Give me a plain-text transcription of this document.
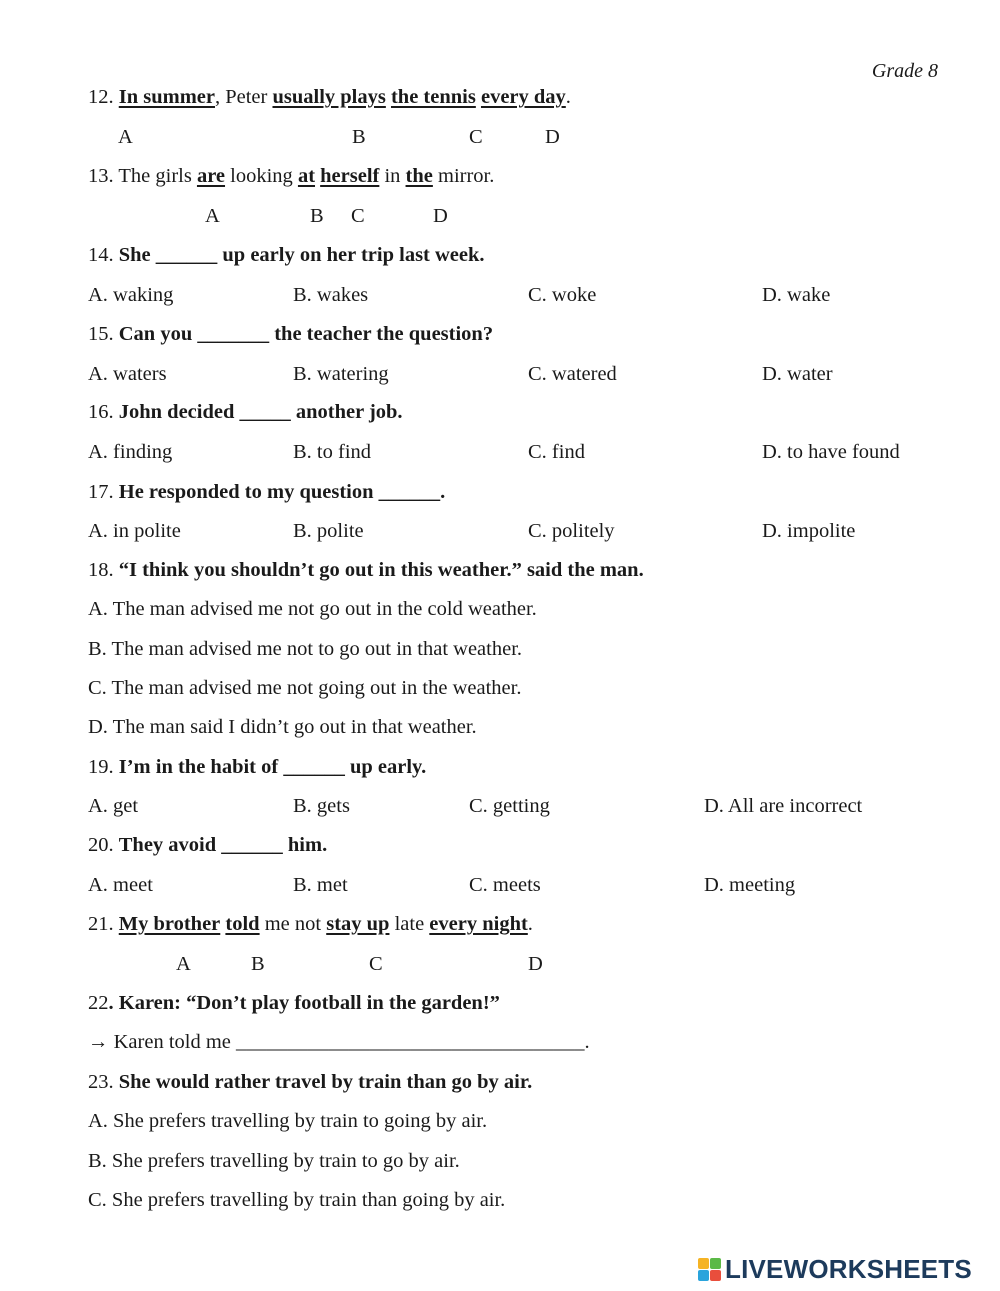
Grade 8
12. In summer, Peter usually plays the tennis every day.
A	B	C	D
13. The girls are looking at herself in the mirror.
A	B C	D
14. She ______ up early on her trip last week.
A. waking	B. wakes	C. woke	D. wake
15. Can you _______ the teacher the question?
A. waters	B. watering	C. watered	D. water
16. John decided _____ another job.
A. finding	B. to find	C. find	D. to have found
17. He responded to my question ______.
A. in polite	B. polite	C. politely	D. impolite
18. “I think you shouldn’t go out in this weather.” said the man.
A. The man advised me not go out in the cold weather.
B. The man advised me not to go out in that weather.
C. The man advised me not going out in the weather.
D. The man said I didn’t go out in that weather.
19. I’m in the habit of ______ up early.
A. get	B. gets	C. getting	D. All are incorrect
20. They avoid ______ him.
A. meet	B. met	C. meets	D. meeting
21. My brother told me not stay up late every night.
A	B	C	D
22. Karen: “Don’t play football in the garden!”
→ Karen told me __________________________________.
23. She would rather travel by train than go by air.
A. She prefers travelling by train to going by air.
B. She prefers travelling by train to go by air.
C. She prefers travelling by train than going by air.
LIVEWORKSHEETS
